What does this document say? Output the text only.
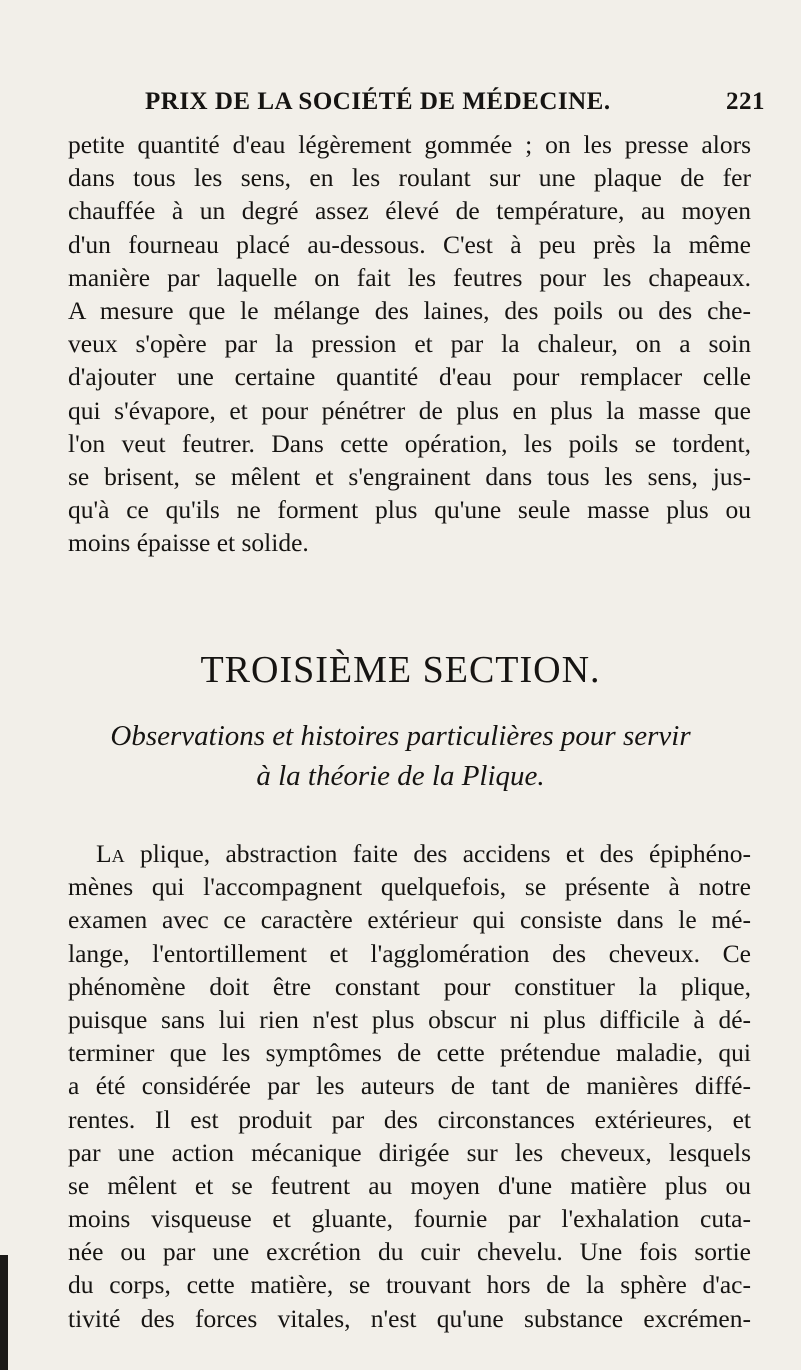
PRIX DE LA SOCIÉTÉ DE MÉDECINE.	221
petite quantité d'eau légèrement gommée ; on les presse alors
dans tous les sens, en les roulant sur une plaque de fer
chauffée à un degré assez élevé de température, au moyen
d'un fourneau placé au-dessous. C'est à peu près la même
manière par laquelle on fait les feutres pour les chapeaux.
A mesure que le mélange des laines, des poils ou des che-
veux s'opère par la pression et par la chaleur, on a soin
d'ajouter une certaine quantité d'eau pour remplacer celle
qui s'évapore, et pour pénétrer de plus en plus la masse que
l'on veut feutrer. Dans cette opération, les poils se tordent,
se brisent, se mêlent et s'engrainent dans tous les sens, jus-
qu'à ce qu'ils ne forment plus qu'une seule masse plus ou
moins épaisse et solide.
TROISIÈME SECTION.
Observations et histoires particulières pour servir
à la théorie de la Plique.
La plique, abstraction faite des accidens et des épiphéno-
mènes qui l'accompagnent quelquefois, se présente à notre
examen avec ce caractère extérieur qui consiste dans le mé-
lange, l'entortillement et l'agglomération des cheveux. Ce
phénomène doit être constant pour constituer la plique,
puisque sans lui rien n'est plus obscur ni plus difficile à dé-
terminer que les symptômes de cette prétendue maladie, qui
a été considérée par les auteurs de tant de manières diffé-
rentes. Il est produit par des circonstances extérieures, et
par une action mécanique dirigée sur les cheveux, lesquels
se mêlent et se feutrent au moyen d'une matière plus ou
moins visqueuse et gluante, fournie par l'exhalation cuta-
née ou par une excrétion du cuir chevelu. Une fois sortie
du corps, cette matière, se trouvant hors de la sphère d'ac-
tivité des forces vitales, n'est qu'une substance excrémen-
